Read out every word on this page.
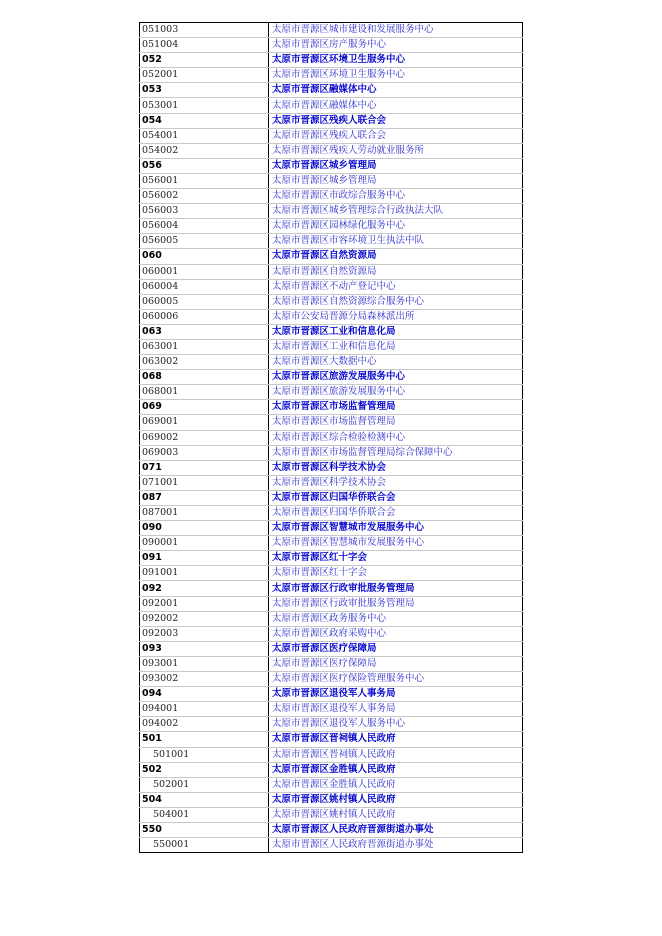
051003	太原市晋源区城市建设和发展服务中心
051004	太原市晋源区房产服务中心
052	太原市晋源区环境卫生服务中心
052001	太原市晋源区环境卫生服务中心
053	太原市晋源区融媒体中心
053001	太原市晋源区融媒体中心
054	太原市晋源区残疾人联合会
054001	太原市晋源区残疾人联合会
054002	太原市晋源区残疾人劳动就业服务所
056	太原市晋源区城乡管理局
056001	太原市晋源区城乡管理局
056002	太原市晋源区市政综合服务中心
056003	太原市晋源区城乡管理综合行政执法大队
056004	太原市晋源区园林绿化服务中心
056005	太原市晋源区市容环境卫生执法中队
060	太原市晋源区自然资源局
060001	太原市晋源区自然资源局
060004	太原市晋源区不动产登记中心
060005	太原市晋源区自然资源综合服务中心
060006	太原市公安局晋源分局森林派出所
063	太原市晋源区工业和信息化局
063001	太原市晋源区工业和信息化局
063002	太原市晋源区大数据中心
068	太原市晋源区旅游发展服务中心
068001	太原市晋源区旅游发展服务中心
069	太原市晋源区市场监督管理局
069001	太原市晋源区市场监督管理局
069002	太原市晋源区综合检验检测中心
069003	太原市晋源区市场监督管理局综合保障中心
071	太原市晋源区科学技术协会
071001	太原市晋源区科学技术协会
087	太原市晋源区归国华侨联合会
087001	太原市晋源区归国华侨联合会
090	太原市晋源区智慧城市发展服务中心
090001	太原市晋源区智慧城市发展服务中心
091	太原市晋源区红十字会
091001	太原市晋源区红十字会
092	太原市晋源区行政审批服务管理局
092001	太原市晋源区行政审批服务管理局
092002	太原市晋源区政务服务中心
092003	太原市晋源区政府采购中心
093	太原市晋源区医疗保障局
093001	太原市晋源区医疗保障局
093002	太原市晋源区医疗保险管理服务中心
094	太原市晋源区退役军人事务局
094001	太原市晋源区退役军人事务局
094002	太原市晋源区退役军人服务中心
501	太原市晋源区晋祠镇人民政府
501001	太原市晋源区晋祠镇人民政府
502	太原市晋源区金胜镇人民政府
502001	太原市晋源区金胜镇人民政府
504	太原市晋源区姚村镇人民政府
504001	太原市晋源区姚村镇人民政府
550	太原市晋源区人民政府晋源街道办事处
550001	太原市晋源区人民政府晋源街道办事处
